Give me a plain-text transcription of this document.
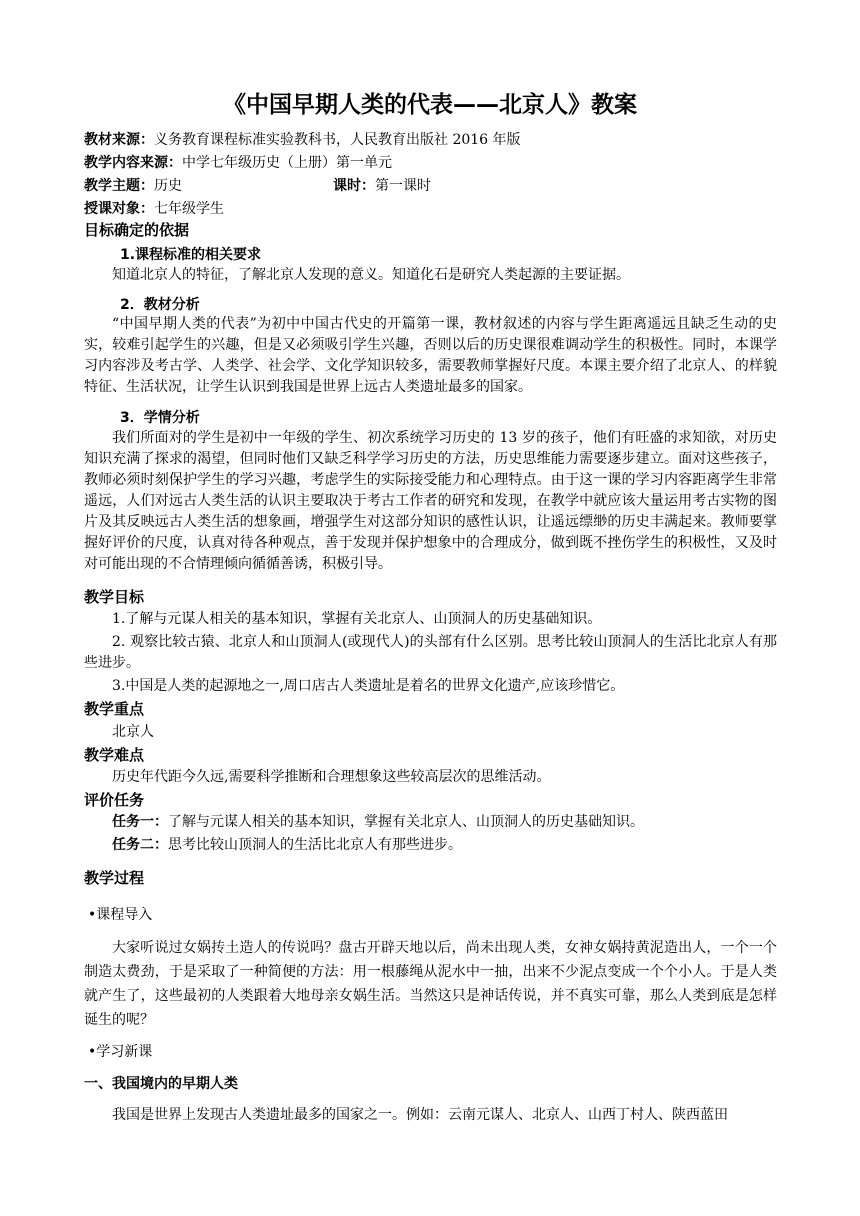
《中国早期人类的代表——北京人》教案
教材来源：义务教育课程标准实验教科书，人民教育出版社 2016 年版
教学内容来源：中学七年级历史（上册）第一单元
教学主题：历史	课时：第一课时
授课对象：七年级学生
目标确定的依据
1.课程标准的相关要求
知道北京人的特征，了解北京人发现的意义。知道化石是研究人类起源的主要证据。
2．教材分析
“中国早期人类的代表”为初中中国古代史的开篇第一课，教材叙述的内容与学生距离遥远且缺乏生动的史实，较难引起学生的兴趣，但是又必须吸引学生兴趣，否则以后的历史课很难调动学生的积极性。同时，本课学习内容涉及考古学、人类学、社会学、文化学知识较多，需要教师掌握好尺度。本课主要介绍了北京人、的样貌特征、生活状况，让学生认识到我国是世界上远古人类遗址最多的国家。
3．学情分析
我们所面对的学生是初中一年级的学生、初次系统学习历史的 13 岁的孩子，他们有旺盛的求知欲，对历史知识充满了探求的渴望，但同时他们又缺乏科学学习历史的方法，历史思维能力需要逐步建立。面对这些孩子，教师必须时刻保护学生的学习兴趣，考虑学生的实际接受能力和心理特点。由于这一课的学习内容距离学生非常遥远，人们对远古人类生活的认识主要取决于考古工作者的研究和发现，在教学中就应该大量运用考古实物的图片及其反映远古人类生活的想象画，增强学生对这部分知识的感性认识，让遥远缥缈的历史丰满起来。教师要掌握好评价的尺度，认真对待各种观点，善于发现并保护想象中的合理成分，做到既不挫伤学生的积极性，又及时对可能出现的不合情理倾向循循善诱，积极引导。
教学目标
1.了解与元谋人相关的基本知识，掌握有关北京人、山顶洞人的历史基础知识。
2. 观察比较古猿、北京人和山顶洞人(或现代人)的头部有什么区别。思考比较山顶洞人的生活比北京人有那些进步。
3.中国是人类的起源地之一,周口店古人类遗址是着名的世界文化遗产,应该珍惜它。
教学重点
北京人
教学难点
历史年代距今久远,需要科学推断和合理想象这些较高层次的思维活动。
评价任务
任务一：了解与元谋人相关的基本知识，掌握有关北京人、山顶洞人的历史基础知识。
任务二：思考比较山顶洞人的生活比北京人有那些进步。
教学过程
•课程导入
大家听说过女娲抟土造人的传说吗？盘古开辟天地以后，尚未出现人类，女神女娲持黄泥造出人，一个一个制造太费劲，于是采取了一种简便的方法：用一根藤绳从泥水中一抽，出来不少泥点变成一个个小人。于是人类就产生了，这些最初的人类跟着大地母亲女娲生活。当然这只是神话传说，并不真实可靠，那么人类到底是怎样诞生的呢？
•学习新课
一、我国境内的早期人类
我国是世界上发现古人类遗址最多的国家之一。例如：云南元谋人、北京人、山西丁村人、陕西蓝田
